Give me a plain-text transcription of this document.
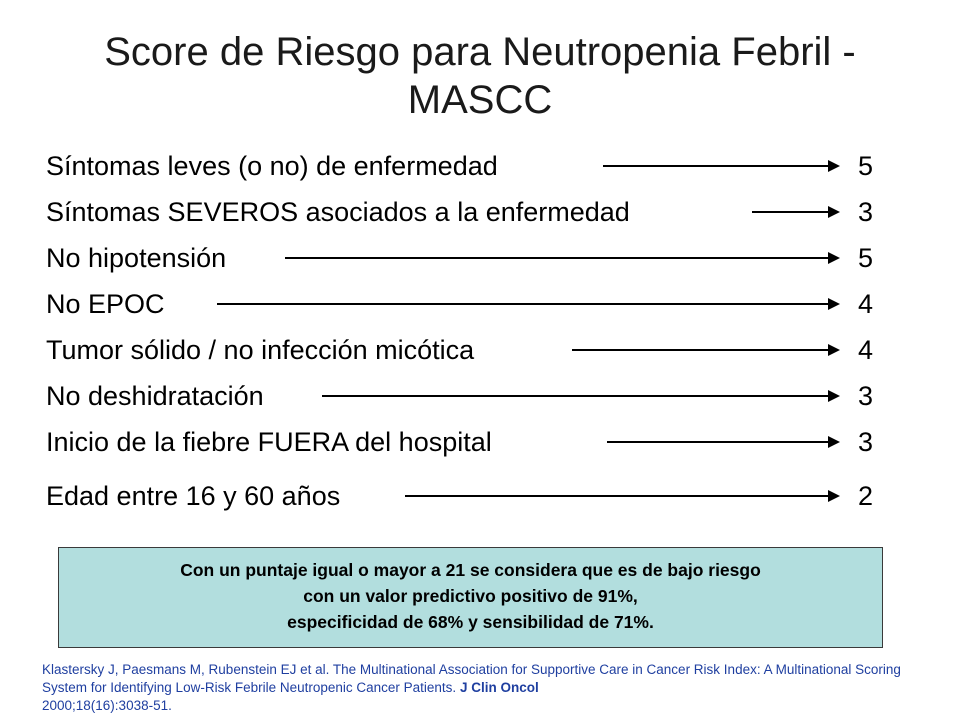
Score de Riesgo para Neutropenia Febril - MASCC
Síntomas leves (o no) de enfermedad	5
Síntomas SEVEROS asociados a la enfermedad	3
No hipotensión	5
No EPOC	4
Tumor sólido / no infección micótica	4
No deshidratación	3
Inicio de la fiebre FUERA del hospital	3
Edad entre 16 y 60 años	2
Con un puntaje igual o mayor a 21 se considera que es de bajo riesgo
con un valor predictivo positivo de 91%,
especificidad de 68% y sensibilidad de 71%.
Klastersky J, Paesmans M, Rubenstein EJ et al. The Multinational Association for Supportive Care in Cancer Risk Index: A Multinational Scoring System for Identifying Low-Risk Febrile Neutropenic Cancer Patients. J Clin Oncol
2000;18(16):3038-51.
